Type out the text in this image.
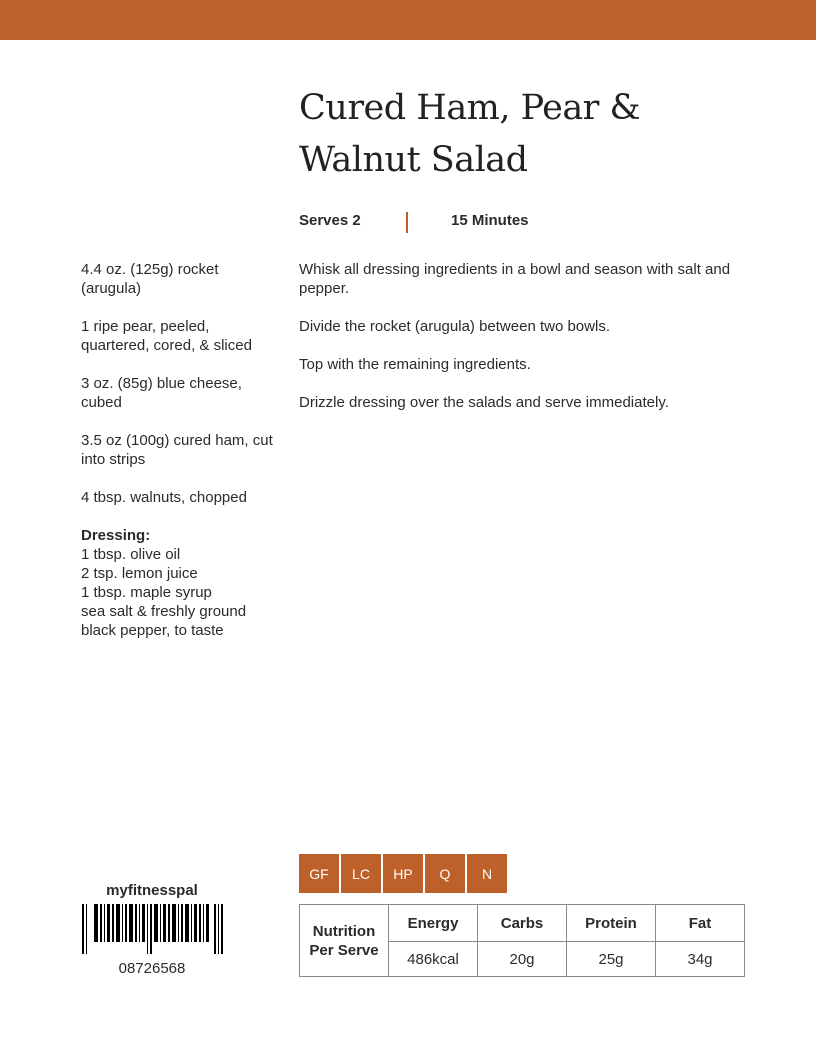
Cured Ham, Pear & Walnut Salad
Serves 2	15 Minutes
4.4 oz. (125g) rocket (arugula)
1 ripe pear, peeled, quartered, cored, & sliced
3 oz. (85g) blue cheese, cubed
3.5 oz (100g) cured ham, cut into strips
4 tbsp. walnuts, chopped
Dressing:
1 tbsp. olive oil
2 tsp. lemon juice
1 tbsp. maple syrup
sea salt & freshly ground black pepper, to taste
Whisk all dressing ingredients in a bowl and season with salt and pepper.
Divide the rocket (arugula) between two bowls.
Top with the remaining ingredients.
Drizzle dressing over the salads and serve immediately.
GF	LC	HP	Q	N
Nutrition Per Serve	Energy	Carbs	Protein	Fat
	486kcal	20g	25g	34g
myfitnesspal
08726568
